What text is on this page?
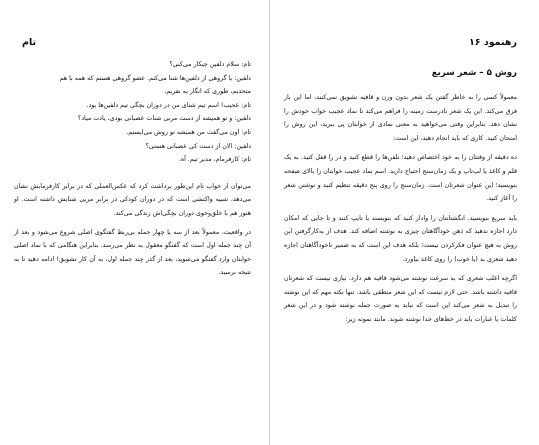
تام
تام: سلام دلفین چیکار می‌کنی؟
دلفین: با گروهی از دلفین‌ها شنا می‌کنم. عضو گروهی هستم که همه با هم
متحدیم، طوری که انگار یه نفریم.
تام: عجیب! اسم تیم شنای من در دوران بچگی تیم دلفین‌ها بود.
دلفین: و تو همیشه از دست مربی شنات عصبانی بودی، یادت میاد؟
تام: اون می‌گفت من همیشه تو روش می‌ایستم.
دلفین: الان از دست کی عصبانی هستی؟
تام: کارفرمام، مدیر تیم. آه.

می‌توان از خواب تام این‌طور برداشت کرد که عکس‌العملی که در برابر کارفرمایش نشان می‌دهد، شبیه واکنشی است که در دوران کودکی در برابر مربی شنایش داشته است. او هنوز هم با خلق‌وخوی دوران بچگی‌اش زندگی می‌کند.

در واقعیت، معمولاً بعد از سه یا چهار جمله بی‌ربط گفتگوی اصلی شروع می‌شود و بعد از آن چند جمله اول است که گفتگو معقول به نظر می‌رسد. بنابراین هنگامی که با نماد اصلی خوابتان وارد گفتگو می‌شوید، بعد از گذر چند جمله اول، به آن کار تشویق! ادامه دهید تا به نتیجه برسید.

رهنمود ۱۶
روش ۵ – شعر سریع

معمولاً کسی را به خاطر گفتن یک شعر بدون وزن و قافیه تشویق نمی‌کنند، اما این بار فرق می‌کند. این یک شعر نادرست زمینه را فراهم می‌کند تا نماد عجیب خواب خودش را نشان دهد. بنابراین وقتی می‌خواهید به معنی نمادی از خوابتان پی ببرید، این روش را امتحان کنید. کاری که باید انجام دهید، این است:

ده دقیقه از وقتتان را به خود اختصاص دهید؛ تلفن‌ها را قطع کنید و در را قفل کنید. به یک قلم و کاغذ یا لپ‌تاپ و یک زمان‌سنج احتیاج دارید. اسم نماد عجیب خوابتان را بالای صفحه بنویسید؛ این عنوان شعرتان است. زمان‌سنج را روی پنج دقیقه تنظیم کنید و نوشتن شعر را آغاز کنید.

باید سریع بنویسید. انگشتانتان را وادار کنید که بنویسند یا تایپ کنند و تا جایی که امکان دارد اجازه ندهید که ذهن خودآگاهتان چیزی به نوشته اضافه کند. هدف از به‌کارگرفتن این روش به هیچ عنوان فکرکردن نیست؛ بلکه هدف این است که به ضمیر ناخودآگاهتان اجازه دهید شعری بد (یا خوب) را روی کاغذ بیاورد.

اگرچه اغلب شعری که به سرعت نوشته می‌شود قافیه هم دارد، نیازی نیست که شعرتان قافیه داشته باشد. حتی لازم نیست که این شعر منطقی باشد. تنها نکته مهم که این نوشته را تبدیل به شعر می‌کند این است که نباید به صورت جمله نوشته شود و در این شعر کلمات یا عبارات باید در خط‌های جدا نوشته شوند. مانند نمونه زیر:
